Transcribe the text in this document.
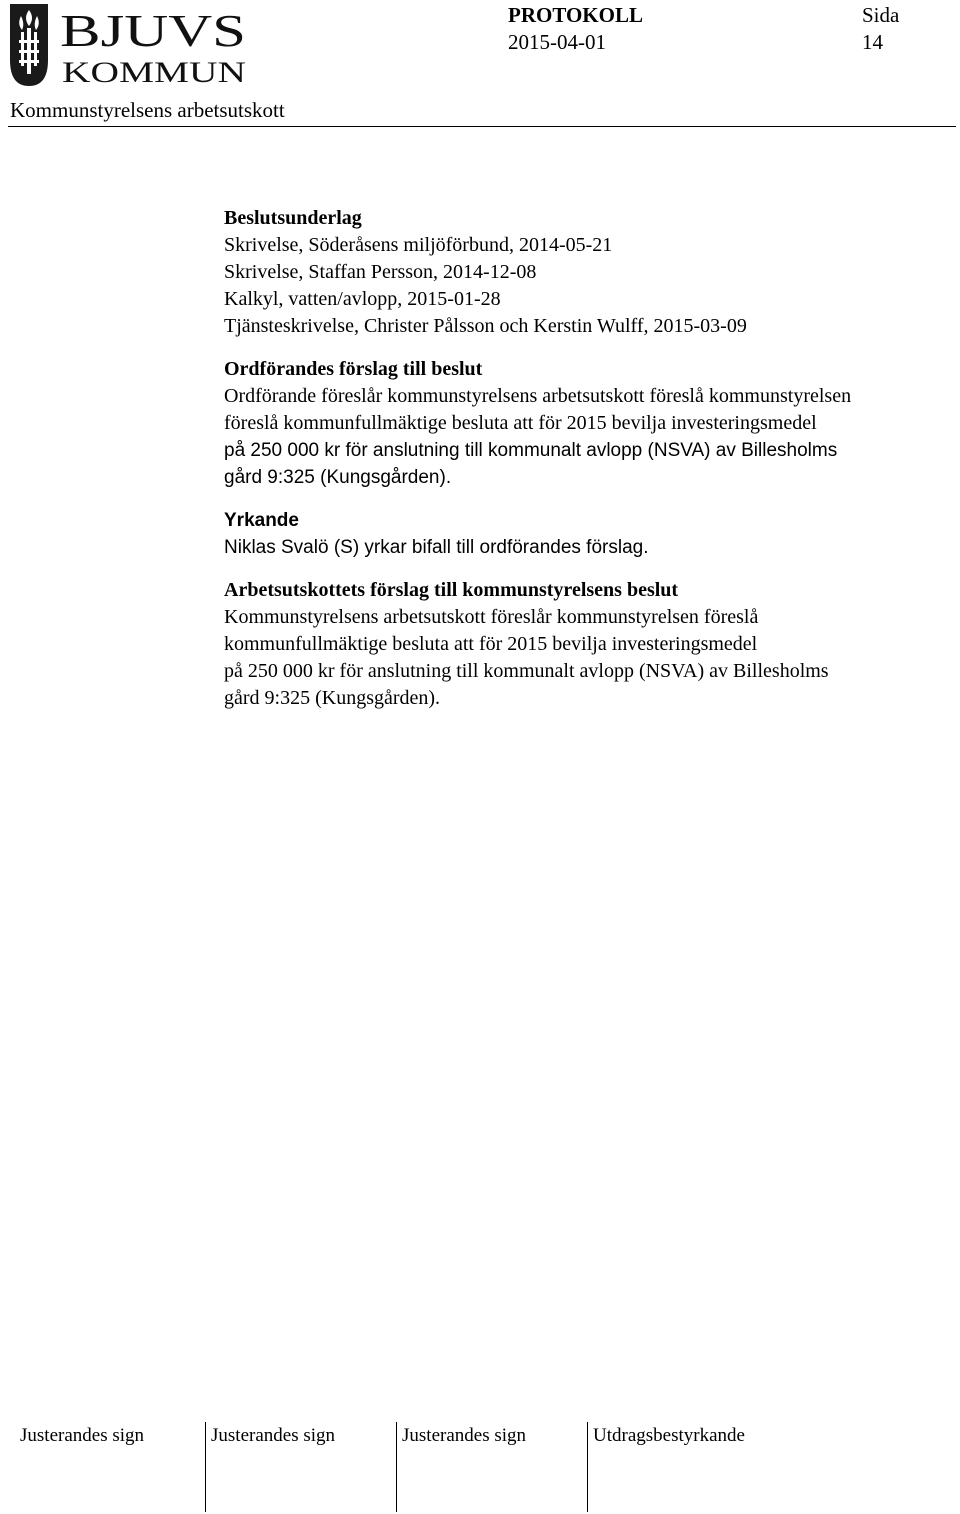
BJUVS
KOMMUN
Kommunstyrelsens arbetsutskott
PROTOKOLL
2015-04-01
Sida
14
Beslutsunderlag
Skrivelse, Söderåsens miljöförbund, 2014-05-21
Skrivelse, Staffan Persson, 2014-12-08
Kalkyl, vatten/avlopp, 2015-01-28
Tjänsteskrivelse, Christer Pålsson och Kerstin Wulff, 2015-03-09
Ordförandes förslag till beslut
Ordförande föreslår kommunstyrelsens arbetsutskott föreslå kommunstyrelsen
föreslå kommunfullmäktige besluta att för 2015 bevilja investeringsmedel
på 250 000 kr för anslutning till kommunalt avlopp (NSVA) av Billesholms
gård 9:325 (Kungsgården).
Yrkande
Niklas Svalö (S) yrkar bifall till ordförandes förslag.
Arbetsutskottets förslag till kommunstyrelsens beslut
Kommunstyrelsens arbetsutskott föreslår kommunstyrelsen föreslå
kommunfullmäktige besluta att för 2015 bevilja investeringsmedel
på 250 000 kr för anslutning till kommunalt avlopp (NSVA) av Billesholms
gård 9:325 (Kungsgården).
Justerandes sign	Justerandes sign	Justerandes sign	Utdragsbestyrkande
